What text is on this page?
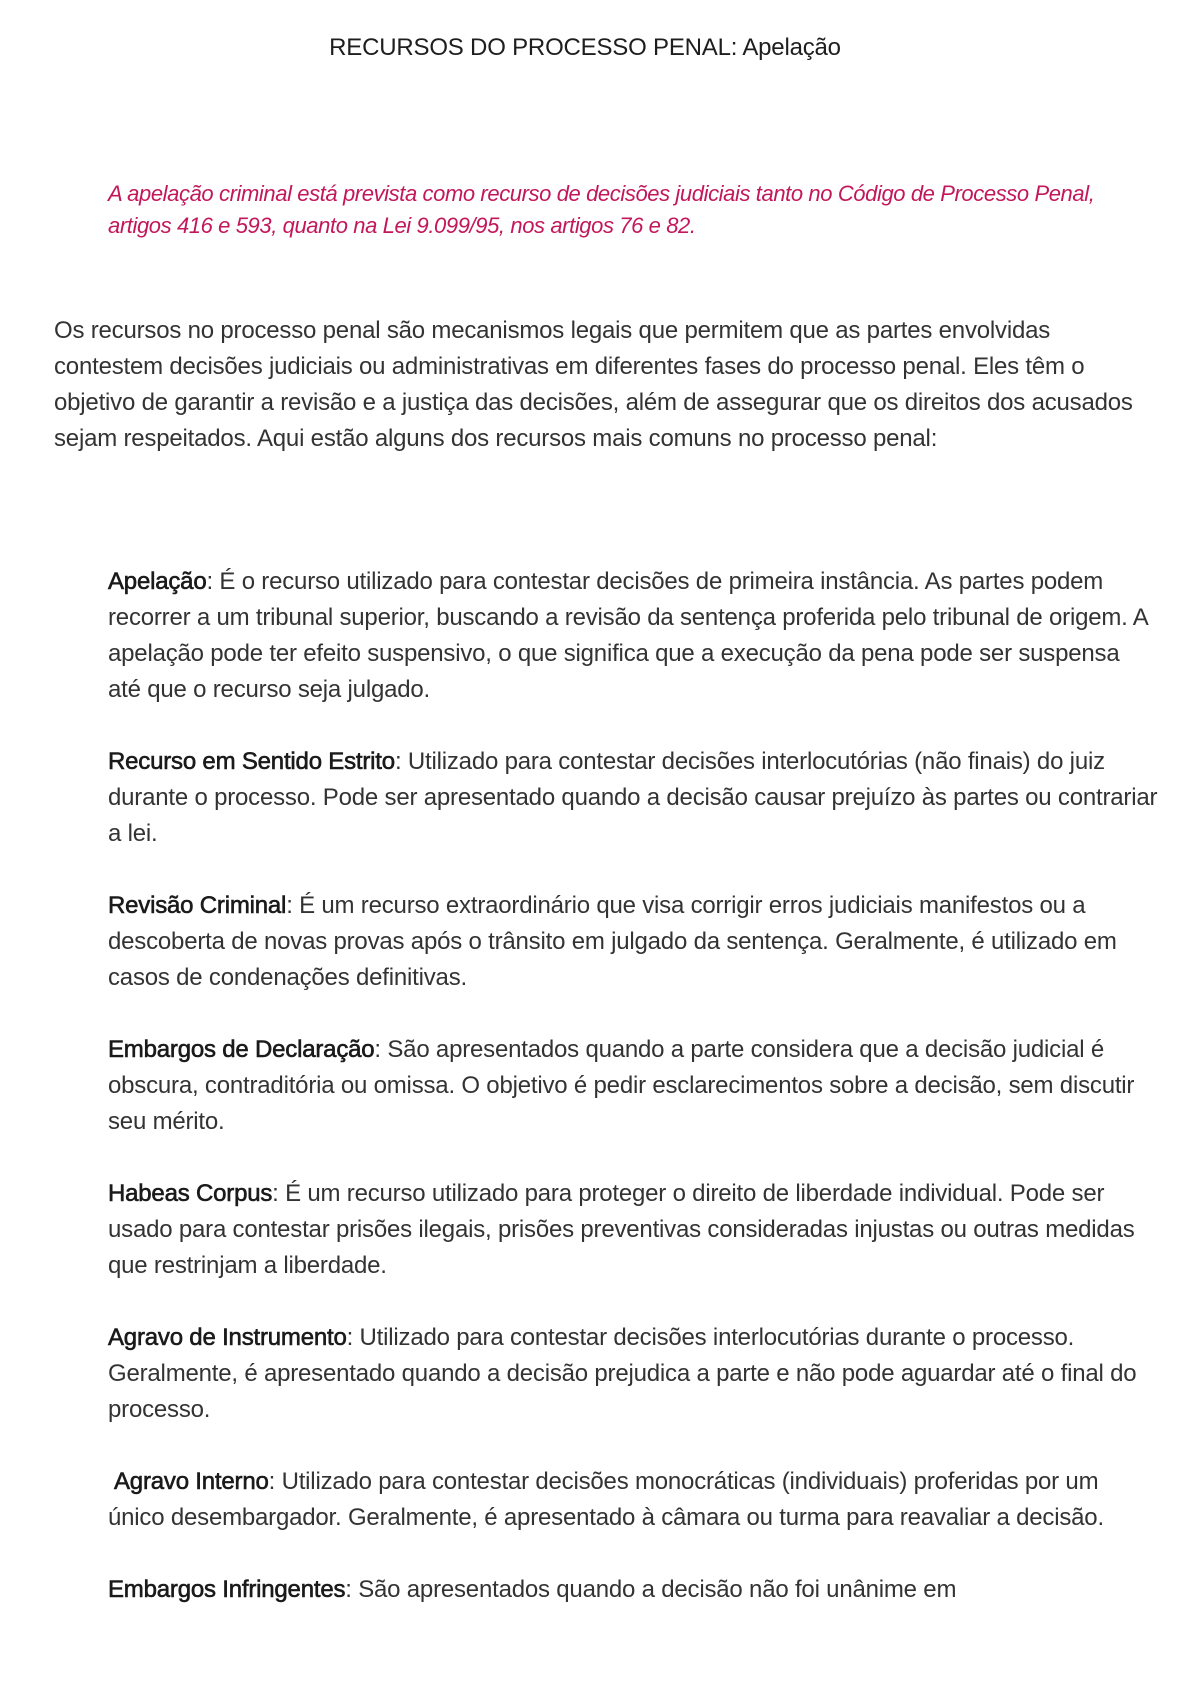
RECURSOS DO PROCESSO PENAL: Apelação

A apelação criminal está prevista como recurso de decisões judiciais tanto no Código de Processo Penal, artigos 416 e 593, quanto na Lei 9.099/95, nos artigos 76 e 82.

Os recursos no processo penal são mecanismos legais que permitem que as partes envolvidas contestem decisões judiciais ou administrativas em diferentes fases do processo penal. Eles têm o objetivo de garantir a revisão e a justiça das decisões, além de assegurar que os direitos dos acusados sejam respeitados. Aqui estão alguns dos recursos mais comuns no processo penal:

Apelação: É o recurso utilizado para contestar decisões de primeira instância. As partes podem recorrer a um tribunal superior, buscando a revisão da sentença proferida pelo tribunal de origem. A apelação pode ter efeito suspensivo, o que significa que a execução da pena pode ser suspensa até que o recurso seja julgado.

Recurso em Sentido Estrito: Utilizado para contestar decisões interlocutórias (não finais) do juiz durante o processo. Pode ser apresentado quando a decisão causar prejuízo às partes ou contrariar a lei.

Revisão Criminal: É um recurso extraordinário que visa corrigir erros judiciais manifestos ou a descoberta de novas provas após o trânsito em julgado da sentença. Geralmente, é utilizado em casos de condenações definitivas.

Embargos de Declaração: São apresentados quando a parte considera que a decisão judicial é obscura, contraditória ou omissa. O objetivo é pedir esclarecimentos sobre a decisão, sem discutir seu mérito.

Habeas Corpus: É um recurso utilizado para proteger o direito de liberdade individual. Pode ser usado para contestar prisões ilegais, prisões preventivas consideradas injustas ou outras medidas que restrinjam a liberdade.

Agravo de Instrumento: Utilizado para contestar decisões interlocutórias durante o processo. Geralmente, é apresentado quando a decisão prejudica a parte e não pode aguardar até o final do processo.

Agravo Interno: Utilizado para contestar decisões monocráticas (individuais) proferidas por um único desembargador. Geralmente, é apresentado à câmara ou turma para reavaliar a decisão.

Embargos Infringentes: São apresentados quando a decisão não foi unânime em
